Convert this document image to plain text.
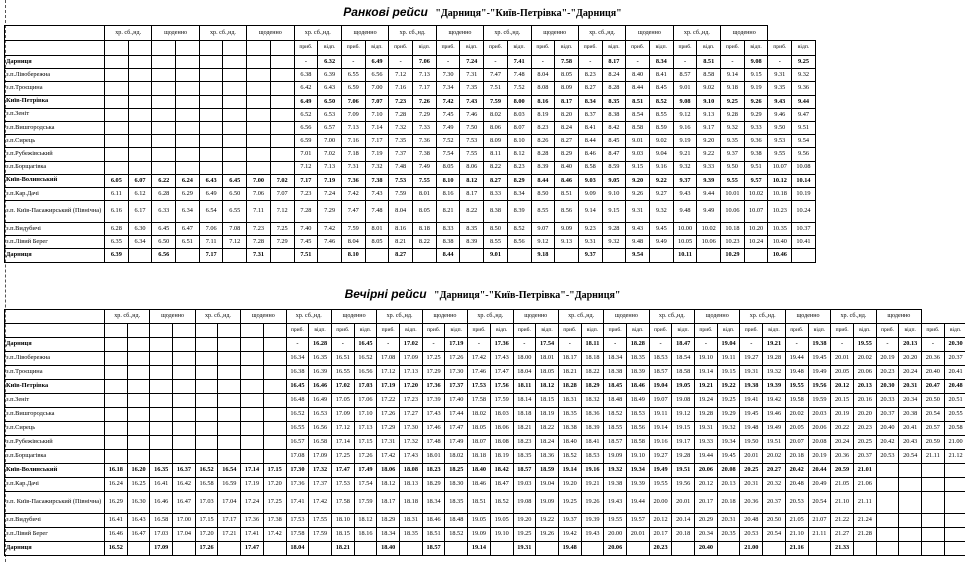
Ранкові рейси "Дарниця"-"Київ-Петрівка"-"Дарниця"
	хр. сб.,нд.		щоденно		хр. сб.,нд.		щоденно		хр. сб.,нд.		щоденно		хр. сб.,нд.		щоденно		хр. сб.,нд.		щоденно		хр. сб.,нд.		щоденно		хр. сб.,нд.		щоденно				
									приб.	відп.	приб.	відп.	приб.	відп.	приб.	відп.	приб.	відп.	приб.	відп.	приб.	відп.	приб.	відп.	приб.	відп.	приб.	відп.	приб.	відп.								
Дарниця									-	6.32	-	6.49	-	7.06	-	7.24	-	7.41	-	7.58	-	8.17	-	8.34	-	8.51	-	9.08	-	9.25	
з.п.Лівобережна									6.38	6.39	6.55	6.56	7.12	7.13	7.30	7.31	7.47	7.48	8.04	8.05	8.23	8.24	8.40	8.41	8.57	8.58	9.14	9.15	9.31	9.32	
з.п.Троєщина									6.42	6.43	6.59	7.00	7.16	7.17	7.34	7.35	7.51	7.52	8.08	8.09	8.27	8.28	8.44	8.45	9.01	9.02	9.18	9.19	9.35	9.36	
Київ-Петрівка									6.49	6.50	7.06	7.07	7.23	7.26	7.42	7.43	7.59	8.00	8.16	8.17	8.34	8.35	8.51	8.52	9.08	9.10	9.25	9.26	9.43	9.44	
з.п.Зеніт									6.52	6.53	7.09	7.10	7.28	7.29	7.45	7.46	8.02	8.03	8.19	8.20	8.37	8.38	8.54	8.55	9.12	9.13	9.28	9.29	9.46	9.47	
з.п.Вишгородська									6.56	6.57	7.13	7.14	7.32	7.33	7.49	7.50	8.06	8.07	8.23	8.24	8.41	8.42	8.58	8.59	9.16	9.17	9.32	9.33	9.50	9.51	
з.п.Сирець									6.59	7.00	7.16	7.17	7.35	7.36	7.52	7.53	8.09	8.10	8.26	8.27	8.44	8.45	9.01	9.02	9.19	9.20	9.35	9.36	9.53	9.54	
з.п.Рубежівський									7.01	7.02	7.18	7.19	7.37	7.38	7.54	7.55	8.11	8.12	8.28	8.29	8.46	8.47	9.03	9.04	9.21	9.22	9.37	9.38	9.55	9.56	
з.п.Борщагівка									7.12	7.13	7.31	7.32	7.48	7.49	8.05	8.06	8.22	8.23	8.39	8.40	8.58	8.59	9.15	9.16	9.32	9.33	9.50	9.51	10.07	10.08	
Київ-Волинський	6.05	6.07	6.22	6.24	6.43	6.45	7.00	7.02	7.17	7.19	7.36	7.38	7.53	7.55	8.10	8.12	8.27	8.29	8.44	8.46	9.03	9.05	9.20	9.22	9.37	9.39	9.55	9.57	10.12	10.14	
з.п.Кар.Дачі	6.11	6.12	6.28	6.29	6.49	6.50	7.06	7.07	7.23	7.24	7.42	7.43	7.59	8.01	8.16	8.17	8.33	8.34	8.50	8.51	9.09	9.10	9.26	9.27	9.43	9.44	10.01	10.02	10.18	10.19	
з.п. Київ-Пасажирський (Північна)	6.16	6.17	6.33	6.34	6.54	6.55	7.11	7.12	7.28	7.29	7.47	7.48	8.04	8.05	8.21	8.22	8.38	8.39	8.55	8.56	9.14	9.15	9.31	9.32	9.48	9.49	10.06	10.07	10.23	10.24	
з.п.Видубичі	6.28	6.30	6.45	6.47	7.06	7.08	7.23	7.25	7.40	7.42	7.59	8.01	8.16	8.18	8.33	8.35	8.50	8.52	9.07	9.09	9.23	9.28	9.43	9.45	10.00	10.02	10.18	10.20	10.35	10.37	
з.п.Лівий Берег	6.35	6.34	6.50	6.51	7.11	7.12	7.28	7.29	7.45	7.46	8.04	8.05	8.21	8.22	8.38	8.39	8.55	8.56	9.12	9.13	9.31	9.32	9.48	9.49	10.05	10.06	10.23	10.24	10.40	10.41	
Дарниця	6.39		6.56		7.17		7.31		7.51		8.10		8.27		8.44		9.01		9.18		9.37		9.54		10.11		10.29		10.46		
Вечірні рейси "Дарниця"-"Київ-Петрівка"-"Дарниця"
	хр. сб.,нд.		щоденно		хр. сб.,нд.		щоденно		хр. сб.,нд.		щоденно		хр. сб.,нд.		щоденно		хр. сб.,нд.		щоденно		хр. сб.,нд.		щоденно		хр. сб.,нд.		щоденно		хр. сб.,нд.		щоденно		хр. сб.,нд.		щоденно				
									приб.	відп.	приб.	відп.	приб.	відп.	приб.	відп.	приб.	відп.	приб.	відп.	приб.	відп.	приб.	відп.	приб.	відп.	приб.	відп.	приб.	відп.	приб.	відп.	приб.	відп.	приб.	відп.	приб.	відп.								
Дарниця									-	16.28	-	16.45	-	17.02	-	17.19	-	17.36	-	17.54	-	18.11	-	18.28	-	18.47	-	19.04	-	19.21	-	19.38	-	19.55	-	20.13	-	20.30	
з.п.Лівобережна									16.34	16.35	16.51	16.52	17.08	17.09	17.25	17.26	17.42	17.43	18.00	18.01	18.17	18.18	18.34	18.35	18.53	18.54	19.10	19.11	19.27	19.28	19.44	19.45	20.01	20.02	20.19	20.20	20.36	20.37	
з.п.Троєщина									16.38	16.39	16.55	16.56	17.12	17.13	17.29	17.30	17.46	17.47	18.04	18.05	18.21	18.22	18.38	18.39	18.57	18.58	19.14	19.15	19.31	19.32	19.48	19.49	20.05	20.06	20.23	20.24	20.40	20.41	
Київ-Петрівка									16.45	16.46	17.02	17.03	17.19	17.20	17.36	17.37	17.53	17.56	18.11	18.12	18.28	18.29	18.45	18.46	19.04	19.05	19.21	19.22	19.38	19.39	19.55	19.56	20.12	20.13	20.30	20.31	20.47	20.48	
з.п.Зеніт									16.48	16.49	17.05	17.06	17.22	17.23	17.39	17.40	17.58	17.59	18.14	18.15	18.31	18.32	18.48	18.49	19.07	19.08	19.24	19.25	19.41	19.42	19.58	19.59	20.15	20.16	20.33	20.34	20.50	20.51	
з.п.Вишгородська									16.52	16.53	17.09	17.10	17.26	17.27	17.43	17.44	18.02	18.03	18.18	18.19	18.35	18.36	18.52	18.53	19.11	19.12	19.28	19.29	19.45	19.46	20.02	20.03	20.19	20.20	20.37	20.38	20.54	20.55	
з.п.Сирець									16.55	16.56	17.12	17.13	17.29	17.30	17.46	17.47	18.05	18.06	18.21	18.22	18.38	18.39	18.55	18.56	19.14	19.15	19.31	19.32	19.48	19.49	20.05	20.06	20.22	20.23	20.40	20.41	20.57	20.58	
з.п.Рубежівський									16.57	16.58	17.14	17.15	17.31	17.32	17.48	17.49	18.07	18.08	18.23	18.24	18.40	18.41	18.57	18.58	19.16	19.17	19.33	19.34	19.50	19.51	20.07	20.08	20.24	20.25	20.42	20.43	20.59	21.00	
з.п.Борщагівка									17.08	17.09	17.25	17.26	17.42	17.43	18.01	18.02	18.18	18.19	18.35	18.36	18.52	18.53	19.09	19.10	19.27	19.28	19.44	19.45	20.01	20.02	20.18	20.19	20.36	20.37	20.53	20.54	21.11	21.12	
Київ-Волинський	16.18	16.20	16.35	16.37	16.52	16.54	17.14	17.15	17.30	17.32	17.47	17.49	18.06	18.08	18.23	18.25	18.40	18.42	18.57	18.59	19.14	19.16	19.32	19.34	19.49	19.51	20.06	20.08	20.25	20.27	20.42	20.44	20.59	21.01					
з.п.Кар.Дачі	16.24	16.25	16.41	16.42	16.58	16.59	17.19	17.20	17.36	17.37	17.53	17.54	18.12	18.13	18.29	18.30	18.46	18.47	19.03	19.04	19.20	19.21	19.38	19.39	19.55	19.56	20.12	20.13	20.31	20.32	20.48	20.49	21.05	21.06					
з.п. Київ-Пасажирський (Північна)	16.29	16.30	16.46	16.47	17.03	17.04	17.24	17.25	17.41	17.42	17.58	17.59	18.17	18.18	18.34	18.35	18.51	18.52	19.08	19.09	19.25	19.26	19.43	19.44	20.00	20.01	20.17	20.18	20.36	20.37	20.53	20.54	21.10	21.11					
з.п.Видубичі	16.41	16.43	16.58	17.00	17.15	17.17	17.36	17.38	17.53	17.55	18.10	18.12	18.29	18.31	18.46	18.48	19.05	19.05	19.20	19.22	19.37	19.39	19.55	19.57	20.12	20.14	20.29	20.31	20.48	20.50	21.05	21.07	21.22	21.24					
з.п.Лівий Берег	16.46	16.47	17.03	17.04	17.20	17.21	17.41	17.42	17.58	17.59	18.15	18.16	18.34	18.35	18.51	18.52	19.09	19.10	19.25	19.26	19.42	19.43	20.00	20.01	20.17	20.18	20.34	20.35	20.53	20.54	21.10	21.11	21.27	21.28					
Дарниця	16.52		17.09		17.26		17.47		18.04		18.21		18.40		18.57		19.14		19.31		19.48		20.06		20.23		20.40		21.00		21.16		21.33						
